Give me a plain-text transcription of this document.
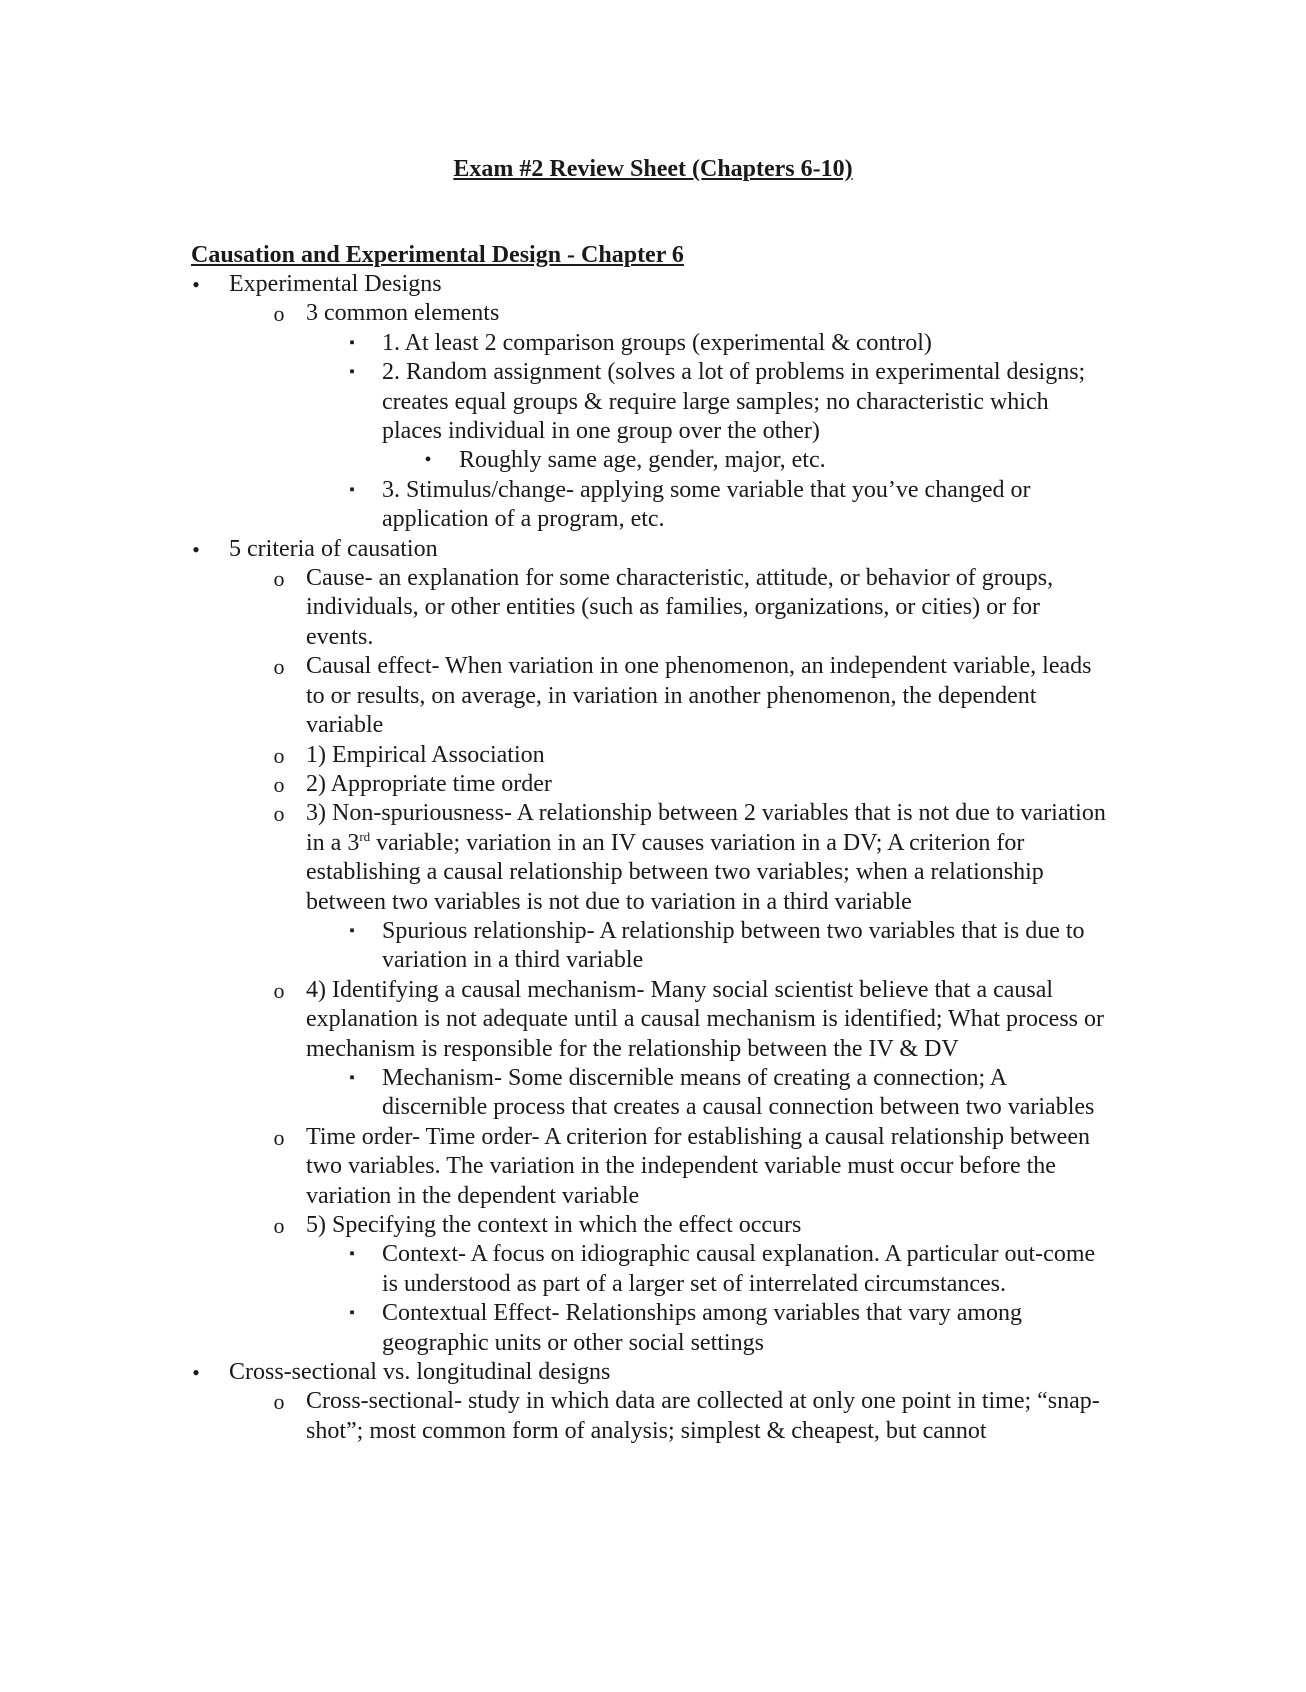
Exam #2 Review Sheet (Chapters 6-10)
Causation and Experimental Design - Chapter 6
•	Experimental Designs
o 3 common elements
▪	1. At least 2 comparison groups (experimental & control)
▪	2. Random assignment (solves a lot of problems in experimental designs; creates equal groups & require large samples; no characteristic which places individual in one group over the other)
•	Roughly same age, gender, major, etc.
▪	3. Stimulus/change- applying some variable that you’ve changed or application of a program, etc.
•	5 criteria of causation
o Cause- an explanation for some characteristic, attitude, or behavior of groups, individuals, or other entities (such as families, organizations, or cities) or for events.
o Causal effect- When variation in one phenomenon, an independent variable, leads to or results, on average, in variation in another phenomenon, the dependent variable
o 1) Empirical Association
o 2) Appropriate time order
o 3) Non-spuriousness- A relationship between 2 variables that is not due to variation in a 3rd variable; variation in an IV causes variation in a DV; A criterion for establishing a causal relationship between two variables; when a relationship between two variables is not due to variation in a third variable
▪	Spurious relationship- A relationship between two variables that is due to variation in a third variable
o 4) Identifying a causal mechanism- Many social scientist believe that a causal explanation is not adequate until a causal mechanism is identified; What process or mechanism is responsible for the relationship between the IV & DV
▪	Mechanism- Some discernible means of creating a connection; A discernible process that creates a causal connection between two variables
o Time order- Time order- A criterion for establishing a causal relationship between two variables. The variation in the independent variable must occur before the variation in the dependent variable
o 5) Specifying the context in which the effect occurs
▪	Context- A focus on idiographic causal explanation. A particular out-come is understood as part of a larger set of interrelated circumstances.
▪	Contextual Effect- Relationships among variables that vary among geographic units or other social settings
•	Cross-sectional vs. longitudinal designs
o Cross-sectional- study in which data are collected at only one point in time; “snap-shot”; most common form of analysis; simplest & cheapest, but cannot
